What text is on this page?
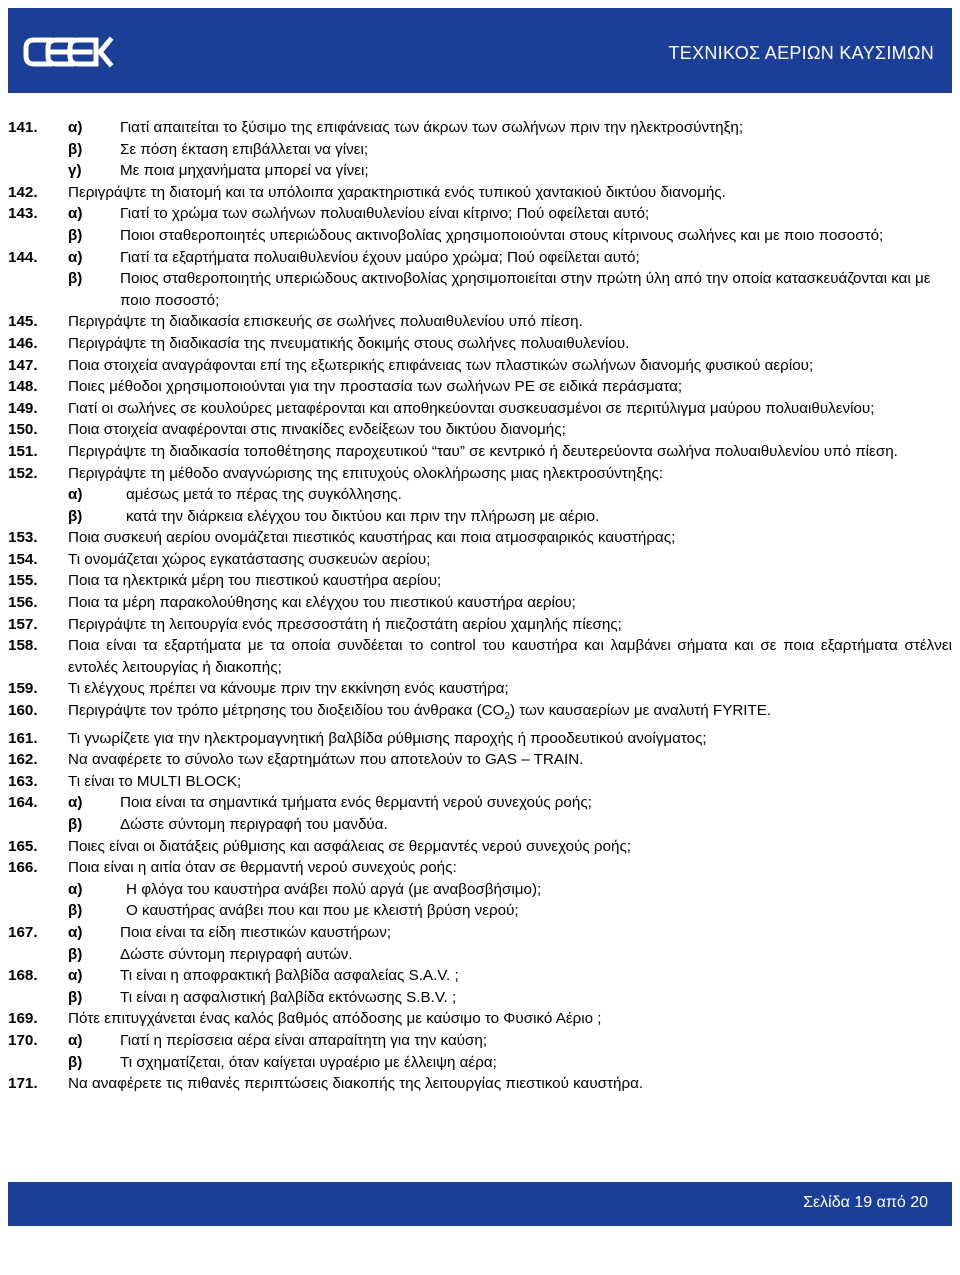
ΤΕΧΝΙΚΟΣ ΑΕΡΙΩΝ ΚΑΥΣΙΜΩΝ
141.	α)	Γιατί απαιτείται το ξύσιμο της επιφάνειας των άκρων των σωλήνων πριν την ηλεκτροσύντηξη;
β)	Σε πόση έκταση επιβάλλεται να γίνει;
γ)	Με ποια μηχανήματα μπορεί να γίνει;
142.	Περιγράψτε τη διατομή και τα υπόλοιπα χαρακτηριστικά ενός τυπικού χαντακιού δικτύου διανομής.
143.	α)	Γιατί το χρώμα των σωλήνων πολυαιθυλενίου είναι κίτρινο; Πού οφείλεται αυτό;
β)	Ποιοι σταθεροποιητές υπεριώδους ακτινοβολίας χρησιμοποιούνται στους κίτρινους σωλήνες και με ποιο ποσοστό;
144.	α)	Γιατί τα εξαρτήματα πολυαιθυλενίου έχουν μαύρο χρώμα; Πού οφείλεται αυτό;
β)	Ποιος σταθεροποιητής υπεριώδους ακτινοβολίας χρησιμοποιείται στην πρώτη ύλη από την οποία κατασκευάζονται και με ποιο ποσοστό;
145.	Περιγράψτε τη διαδικασία επισκευής σε σωλήνες πολυαιθυλενίου υπό πίεση.
146.	Περιγράψτε τη διαδικασία της πνευματικής δοκιμής στους σωλήνες πολυαιθυλενίου.
147.	Ποια στοιχεία αναγράφονται επί της εξωτερικής επιφάνειας των πλαστικών σωλήνων διανομής φυσικού αερίου;
148.	Ποιες μέθοδοι χρησιμοποιούνται για την προστασία των σωλήνων PE σε ειδικά περάσματα;
149.	Γιατί οι σωλήνες σε κουλούρες μεταφέρονται και αποθηκεύονται συσκευασμένοι σε περιτύλιγμα μαύρου πολυαιθυλενίου;
150.	Ποια στοιχεία αναφέρονται στις πινακίδες ενδείξεων του δικτύου διανομής;
151.	Περιγράψτε τη διαδικασία τοποθέτησης παροχευτικού “ταυ” σε κεντρικό ή δευτερεύοντα σωλήνα πολυαιθυλενίου υπό πίεση.
152.	Περιγράψτε τη μέθοδο αναγνώρισης της επιτυχούς ολοκλήρωσης μιας ηλεκτροσύντηξης:
α)	αμέσως μετά το πέρας της συγκόλλησης.
β)	κατά την διάρκεια ελέγχου του δικτύου και πριν την πλήρωση με αέριο.
153.	Ποια συσκευή αερίου ονομάζεται πιεστικός καυστήρας και ποια ατμοσφαιρικός καυστήρας;
154.	Τι ονομάζεται χώρος εγκατάστασης συσκευών αερίου;
155.	Ποια τα ηλεκτρικά μέρη του πιεστικού καυστήρα αερίου;
156.	Ποια τα μέρη παρακολούθησης και ελέγχου του πιεστικού καυστήρα αερίου;
157.	Περιγράψτε τη λειτουργία ενός πρεσσοστάτη ή πιεζοστάτη αερίου χαμηλής πίεσης;
158.	Ποια είναι τα εξαρτήματα με τα οποία συνδέεται το control του καυστήρα και λαμβάνει σήματα και σε ποια εξαρτήματα στέλνει εντολές λειτουργίας ή διακοπής;
159.	Τι ελέγχους πρέπει να κάνουμε πριν την εκκίνηση ενός καυστήρα;
160.	Περιγράψτε τον τρόπο μέτρησης του διοξειδίου του άνθρακα $(CO_2)$ των καυσαερίων με αναλυτή FYRITE.
161.	Τι γνωρίζετε για την ηλεκτρομαγνητική βαλβίδα ρύθμισης παροχής ή προοδευτικού ανοίγματος;
162.	Να αναφέρετε το σύνολο των εξαρτημάτων που αποτελούν το GAS – TRAIN.
163.	Τι είναι το MULTI BLOCK;
164.	α)	Ποια είναι τα σημαντικά τμήματα ενός θερμαντή νερού συνεχούς ροής;
β)	Δώστε σύντομη περιγραφή του μανδύα.
165.	Ποιες είναι οι διατάξεις ρύθμισης και ασφάλειας σε θερμαντές νερού συνεχούς ροής;
166.	Ποια είναι η αιτία όταν σε θερμαντή νερού συνεχούς ροής:
α)	Η φλόγα του καυστήρα ανάβει πολύ αργά (με αναβοσβήσιμο);
β)	Ο καυστήρας ανάβει που και που με κλειστή βρύση νερού;
167.	α)	Ποια είναι τα είδη πιεστικών καυστήρων;
β)	Δώστε σύντομη περιγραφή αυτών.
168.	α)	Τι είναι η αποφρακτική βαλβίδα ασφαλείας S.A.V. ;
β)	Τι είναι η ασφαλιστική βαλβίδα εκτόνωσης S.B.V. ;
169.	Πότε επιτυγχάνεται ένας καλός βαθμός απόδοσης με καύσιμο το Φυσικό Αέριο ;
170.	α)	Γιατί η περίσσεια αέρα είναι απαραίτητη για την καύση;
β)	Τι σχηματίζεται, όταν καίγεται υγραέριο με έλλειψη αέρα;
171.	Να αναφέρετε τις πιθανές περιπτώσεις διακοπής της λειτουργίας πιεστικού καυστήρα.
Σελίδα 19 από 20
